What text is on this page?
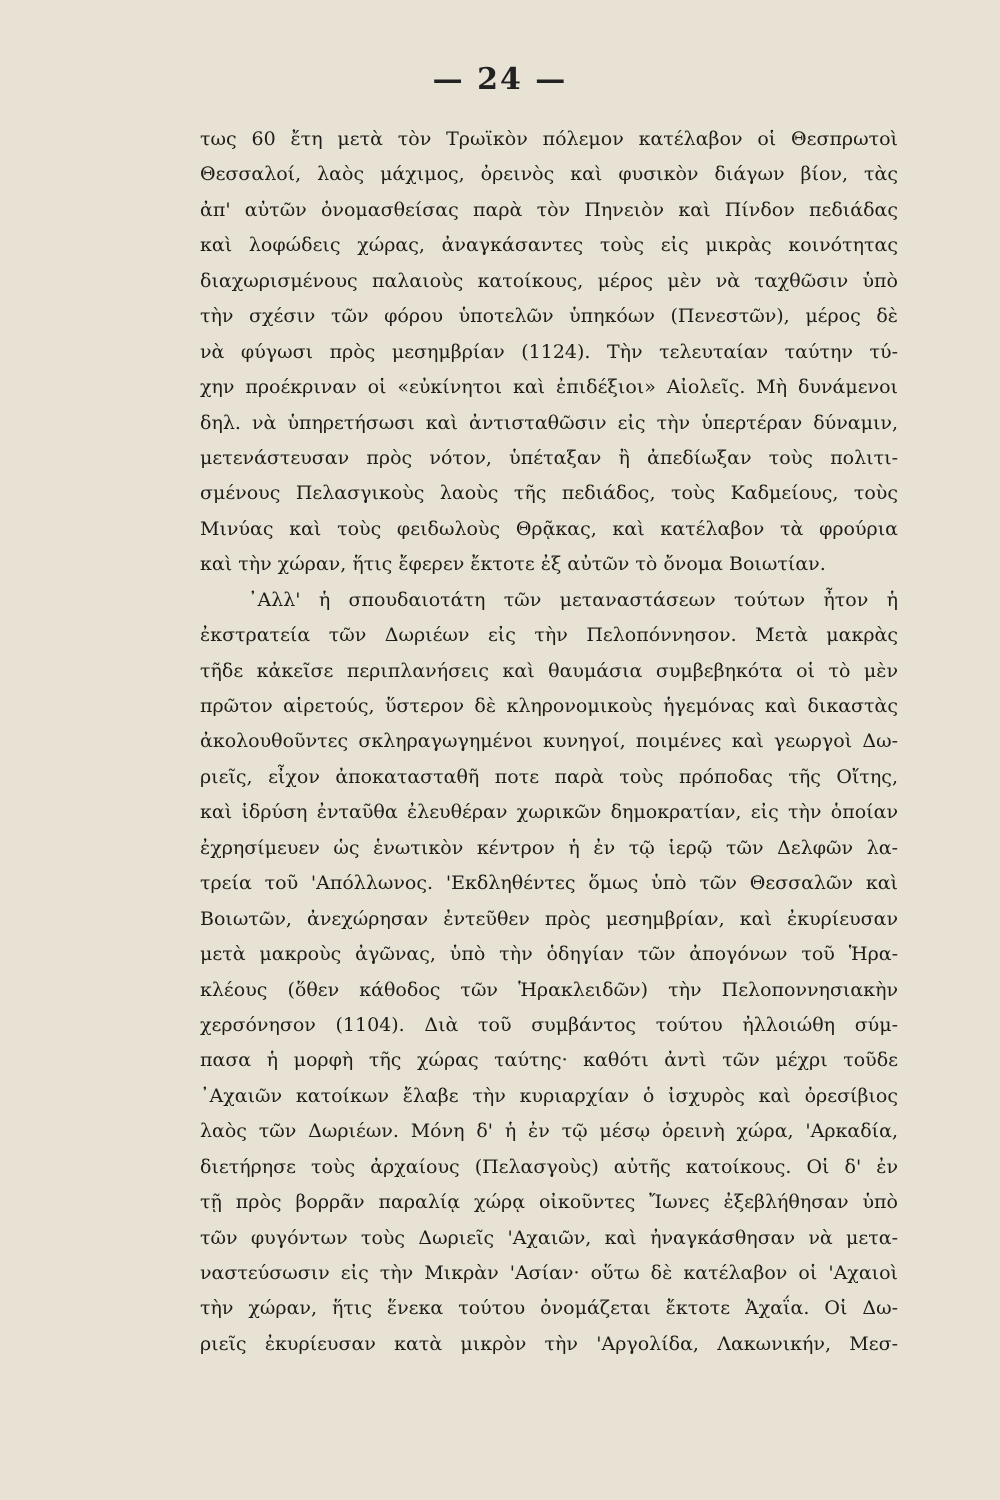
— 24 —
τως 60 ἔτη μετὰ τὸν Τρωϊκὸν πόλεμον κατέλαβον οἱ Θεσπρωτοὶ
Θεσσαλοί, λαὸς μάχιμος, ὀρεινὸς καὶ φυσικὸν διάγων βίον, τὰς
ἀπ' αὐτῶν ὀνομασθείσας παρὰ τὸν Πηνειὸν καὶ Πίνδον πεδιάδας
καὶ λοφώδεις χώρας, ἀναγκάσαντες τοὺς εἰς μικρὰς κοινότητας
διαχωρισμένους παλαιοὺς κατοίκους, μέρος μὲν νὰ ταχθῶσιν ὑπὸ
τὴν σχέσιν τῶν φόρου ὑποτελῶν ὑπηκόων (Πενεστῶν), μέρος δὲ
νὰ φύγωσι πρὸς μεσημβρίαν (1124). Τὴν τελευταίαν ταύτην τύ-
χην προέκριναν οἱ «εὐκίνητοι καὶ ἐπιδέξιοι» Αἰολεῖς. Μὴ δυνάμενοι
δηλ. νὰ ὑπηρετήσωσι καὶ ἀντισταθῶσιν εἰς τὴν ὑπερτέραν δύναμιν,
μετενάστευσαν πρὸς νότον, ὑπέταξαν ἢ ἀπεδίωξαν τοὺς πολιτι-
σμένους Πελασγικοὺς λαοὺς τῆς πεδιάδος, τοὺς Καδμείους, τοὺς
Μινύας καὶ τοὺς φειδωλοὺς Θρᾷκας, καὶ κατέλαβον τὰ φρούρια
καὶ τὴν χώραν, ἥτις ἔφερεν ἔκτοτε ἐξ αὐτῶν τὸ ὄνομα Βοιωτίαν.
᾿Αλλ' ἡ σπουδαιοτάτη τῶν μεταναστάσεων τούτων ἦτον ἡ
ἐκστρατεία τῶν Δωριέων εἰς τὴν Πελοπόννησον. Μετὰ μακρὰς
τῆδε κἀκεῖσε περιπλανήσεις καὶ θαυμάσια συμβεβηκότα οἱ τὸ μὲν
πρῶτον αἱρετούς, ὕστερον δὲ κληρονομικοὺς ἡγεμόνας καὶ δικαστὰς
ἀκολουθοῦντες σκληραγωγημένοι κυνηγοί, ποιμένες καὶ γεωργοὶ Δω-
ριεῖς, εἶχον ἀποκατασταθῆ ποτε παρὰ τοὺς πρόποδας τῆς Οἴτης,
καὶ ἱδρύση ἐνταῦθα ἐλευθέραν χωρικῶν δημοκρατίαν, εἰς τὴν ὁποίαν
ἐχρησίμευεν ὡς ἑνωτικὸν κέντρον ἡ ἐν τῷ ἱερῷ τῶν Δελφῶν λα-
τρεία τοῦ 'Απόλλωνος. 'Εκδληθέντες ὅμως ὑπὸ τῶν Θεσσαλῶν καὶ
Βοιωτῶν, ἀνεχώρησαν ἐντεῦθεν πρὸς μεσημβρίαν, καὶ ἐκυρίευσαν
μετὰ μακροὺς ἀγῶνας, ὑπὸ τὴν ὁδηγίαν τῶν ἀπογόνων τοῦ Ἡρα-
κλέους (ὅθεν κάθοδος τῶν Ἡρακλειδῶν) τὴν Πελοποννησιακὴν
χερσόνησον (1104). Διὰ τοῦ συμβάντος τούτου ἠλλοιώθη σύμ-
πασα ἡ μορφὴ τῆς χώρας ταύτης· καθότι ἀντὶ τῶν μέχρι τοῦδε
᾿Αχαιῶν κατοίκων ἔλαβε τὴν κυριαρχίαν ὁ ἰσχυρὸς καὶ ὀρεσίβιος
λαὸς τῶν Δωριέων. Μόνη δ' ἡ ἐν τῷ μέσῳ ὀρεινὴ χώρα, 'Αρκαδία,
διετήρησε τοὺς ἀρχαίους (Πελασγοὺς) αὐτῆς κατοίκους. Οἱ δ' ἐν
τῇ πρὸς βορρᾶν παραλίᾳ χώρᾳ οἰκοῦντες Ἴωνες ἐξεβλήθησαν ὑπὸ
τῶν φυγόντων τοὺς Δωριεῖς 'Αχαιῶν, καὶ ἠναγκάσθησαν νὰ μετα-
ναστεύσωσιν εἰς τὴν Μικρὰν 'Ασίαν· οὕτω δὲ κατέλαβον οἱ 'Αχαιοὶ
τὴν χώραν, ἥτις ἕνεκα τούτου ὀνομάζεται ἔκτοτε Ἀχαΐα. Οἱ Δω-
ριεῖς ἐκυρίευσαν κατὰ μικρὸν τὴν 'Αργολίδα, Λακωνικήν, Μεσ-
